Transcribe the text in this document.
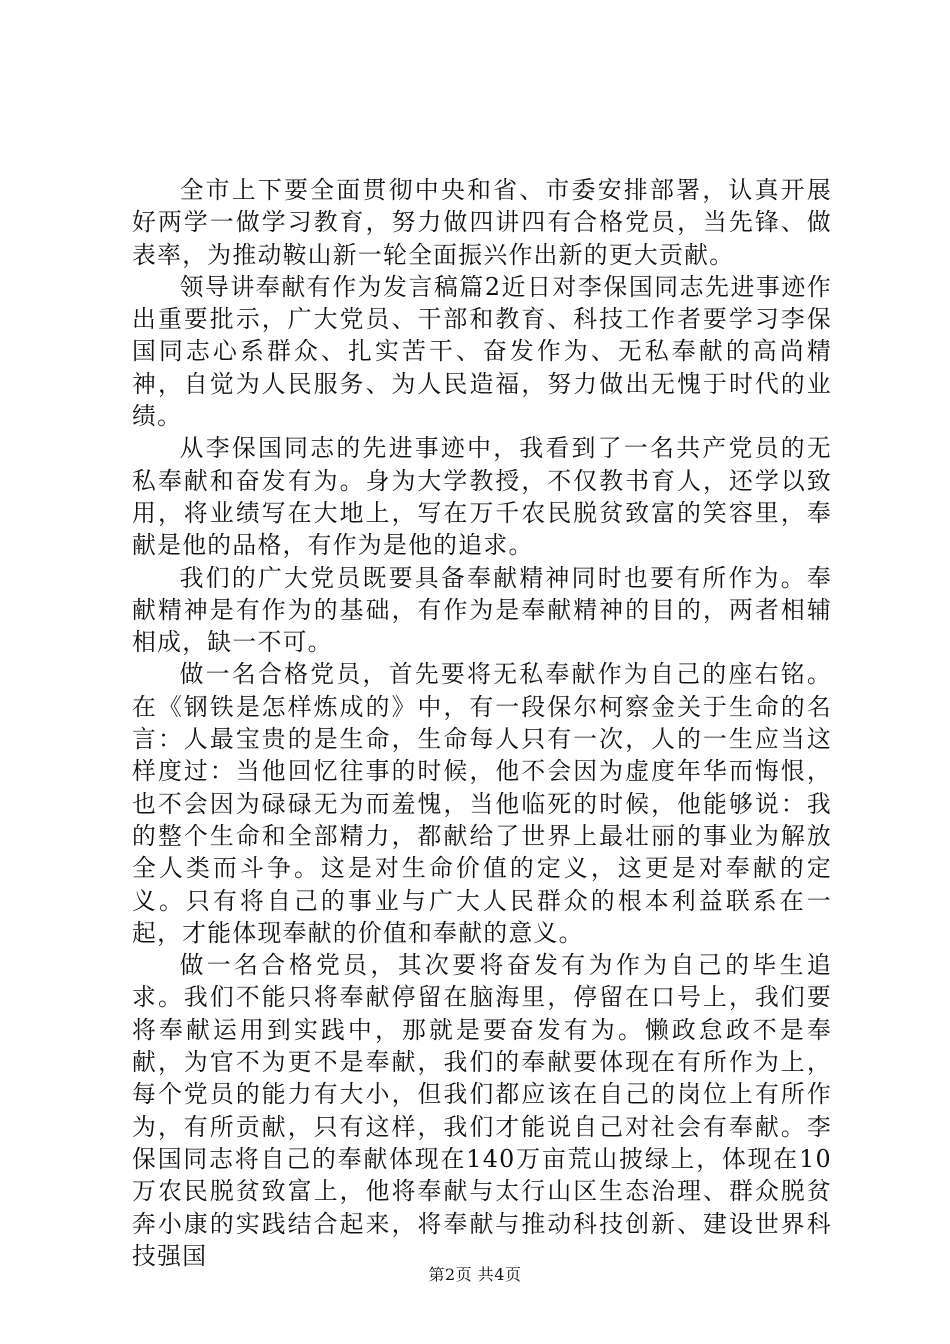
全市上下要全面贯彻中央和省、市委安排部署，认真开展好两学一做学习教育，努力做四讲四有合格党员，当先锋、做表率，为推动鞍山新一轮全面振兴作出新的更大贡献。

领导讲奉献有作为发言稿篇2近日对李保国同志先进事迹作出重要批示，广大党员、干部和教育、科技工作者要学习李保国同志心系群众、扎实苦干、奋发作为、无私奉献的高尚精神，自觉为人民服务、为人民造福，努力做出无愧于时代的业绩。

从李保国同志的先进事迹中，我看到了一名共产党员的无私奉献和奋发有为。身为大学教授，不仅教书育人，还学以致用，将业绩写在大地上，写在万千农民脱贫致富的笑容里，奉献是他的品格，有作为是他的追求。

我们的广大党员既要具备奉献精神同时也要有所作为。奉献精神是有作为的基础，有作为是奉献精神的目的，两者相辅相成，缺一不可。

做一名合格党员，首先要将无私奉献作为自己的座右铭。在《钢铁是怎样炼成的》中，有一段保尔柯察金关于生命的名言：人最宝贵的是生命，生命每人只有一次，人的一生应当这样度过：当他回忆往事的时候，他不会因为虚度年华而悔恨，也不会因为碌碌无为而羞愧，当他临死的时候，他能够说：我的整个生命和全部精力，都献给了世界上最壮丽的事业为解放全人类而斗争。这是对生命价值的定义，这更是对奉献的定义。只有将自己的事业与广大人民群众的根本利益联系在一起，才能体现奉献的价值和奉献的意义。

做一名合格党员，其次要将奋发有为作为自己的毕生追求。我们不能只将奉献停留在脑海里，停留在口号上，我们要将奉献运用到实践中，那就是要奋发有为。懒政怠政不是奉献，为官不为更不是奉献，我们的奉献要体现在有所作为上，每个党员的能力有大小，但我们都应该在自己的岗位上有所作为，有所贡献，只有这样，我们才能说自己对社会有奉献。李保国同志将自己的奉献体现在140万亩荒山披绿上，体现在10万农民脱贫致富上，他将奉献与太行山区生态治理、群众脱贫奔小康的实践结合起来，将奉献与推动科技创新、建设世界科技强国

第2页 共4页
